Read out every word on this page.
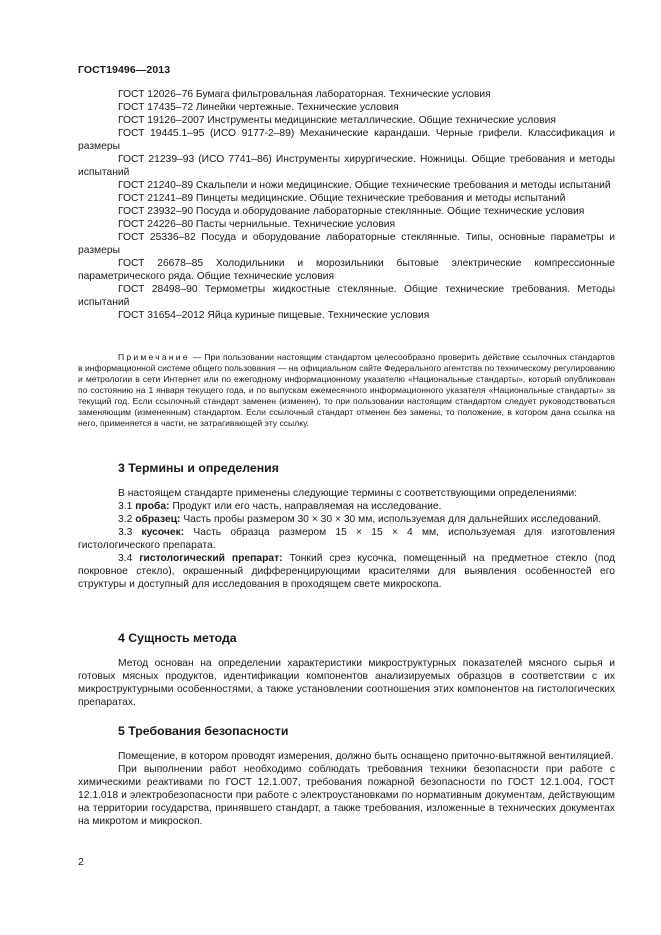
ГОСТ19496—2013

ГОСТ 12026–76 Бумага фильтровальная лабораторная. Технические условия

ГОСТ 17435–72 Линейки чертежные. Технические условия

ГОСТ 19126–2007 Инструменты медицинские металлические. Общие технические условия

ГОСТ 19445.1–95 (ИСО 9177-2–89) Механические карандаши. Черные грифели. Классификация и размеры

ГОСТ 21239–93 (ИСО 7741–86) Инструменты хирургические. Ножницы. Общие требования и методы испытаний

ГОСТ 21240–89 Скальпели и ножи медицинские. Общие технические требования и методы испытаний

ГОСТ 21241–89 Пинцеты медицинские. Общие технические требования и методы испытаний

ГОСТ 23932–90 Посуда и оборудование лабораторные стеклянные. Общие технические условия

ГОСТ 24226–80 Пасты чернильные. Технические условия

ГОСТ 25336–82 Посуда и оборудование лабораторные стеклянные. Типы, основные параметры и размеры

ГОСТ 26678–85 Холодильники и морозильники бытовые электрические компрессионные параметрического ряда. Общие технические условия

ГОСТ 28498–90 Термометры жидкостные стеклянные. Общие технические требования. Методы испытаний

ГОСТ 31654–2012 Яйца куриные пищевые. Технические условия

Примечание — При пользовании настоящим стандартом целесообразно проверить действие ссылочных стандартов в информационной системе общего пользования — на официальном сайте Федерального агентства по техническому регулированию и метрологии в сети Интернет или по ежегодному информационному указателю «Национальные стандарты», который опубликован по состоянию на 1 января текущего года, и по выпускам ежемесячного информационного указателя «Национальные стандарты» за текущий год. Если ссылочный стандарт заменен (изменен), то при пользовании настоящим стандартом следует руководствоваться заменяющим (измененным) стандартом. Если ссылочный стандарт отменен без замены, то положение, в котором дана ссылка на него, применяется в части, не затрагивающей эту ссылку.

3 Термины и определения

В настоящем стандарте применены следующие термины с соответствующими определениями:

3.1 проба: Продукт или его часть, направляемая на исследование.

3.2 образец: Часть пробы размером 30 × 30 × 30 мм, используемая для дальнейших исследований.

3.3 кусочек: Часть образца размером 15 × 15 × 4 мм, используемая для изготовления гистологического препарата.

3.4 гистологический препарат: Тонкий срез кусочка, помещенный на предметное стекло (под покровное стекло), окрашенный дифференцирующими красителями для выявления особенностей его структуры и доступный для исследования в проходящем свете микроскопа.

4 Сущность метода

Метод основан на определении характеристики микроструктурных показателей мясного сырья и готовых мясных продуктов, идентификации компонентов анализируемых образцов в соответствии с их микроструктурными особенностями, а также установлении соотношения этих компонентов на гистологических препаратах.

5 Требования безопасности

Помещение, в котором проводят измерения, должно быть оснащено приточно-вытяжной вентиляцией.

При выполнении работ необходимо соблюдать требования техники безопасности при работе с химическими реактивами по ГОСТ 12.1.007, требования пожарной безопасности по ГОСТ 12.1.004, ГОСТ 12.1.018 и электробезопасности при работе с электроустановками по нормативным документам, действующим на территории государства, принявшего стандарт, а также требования, изложенные в технических документах на микротом и микроскоп.

2
